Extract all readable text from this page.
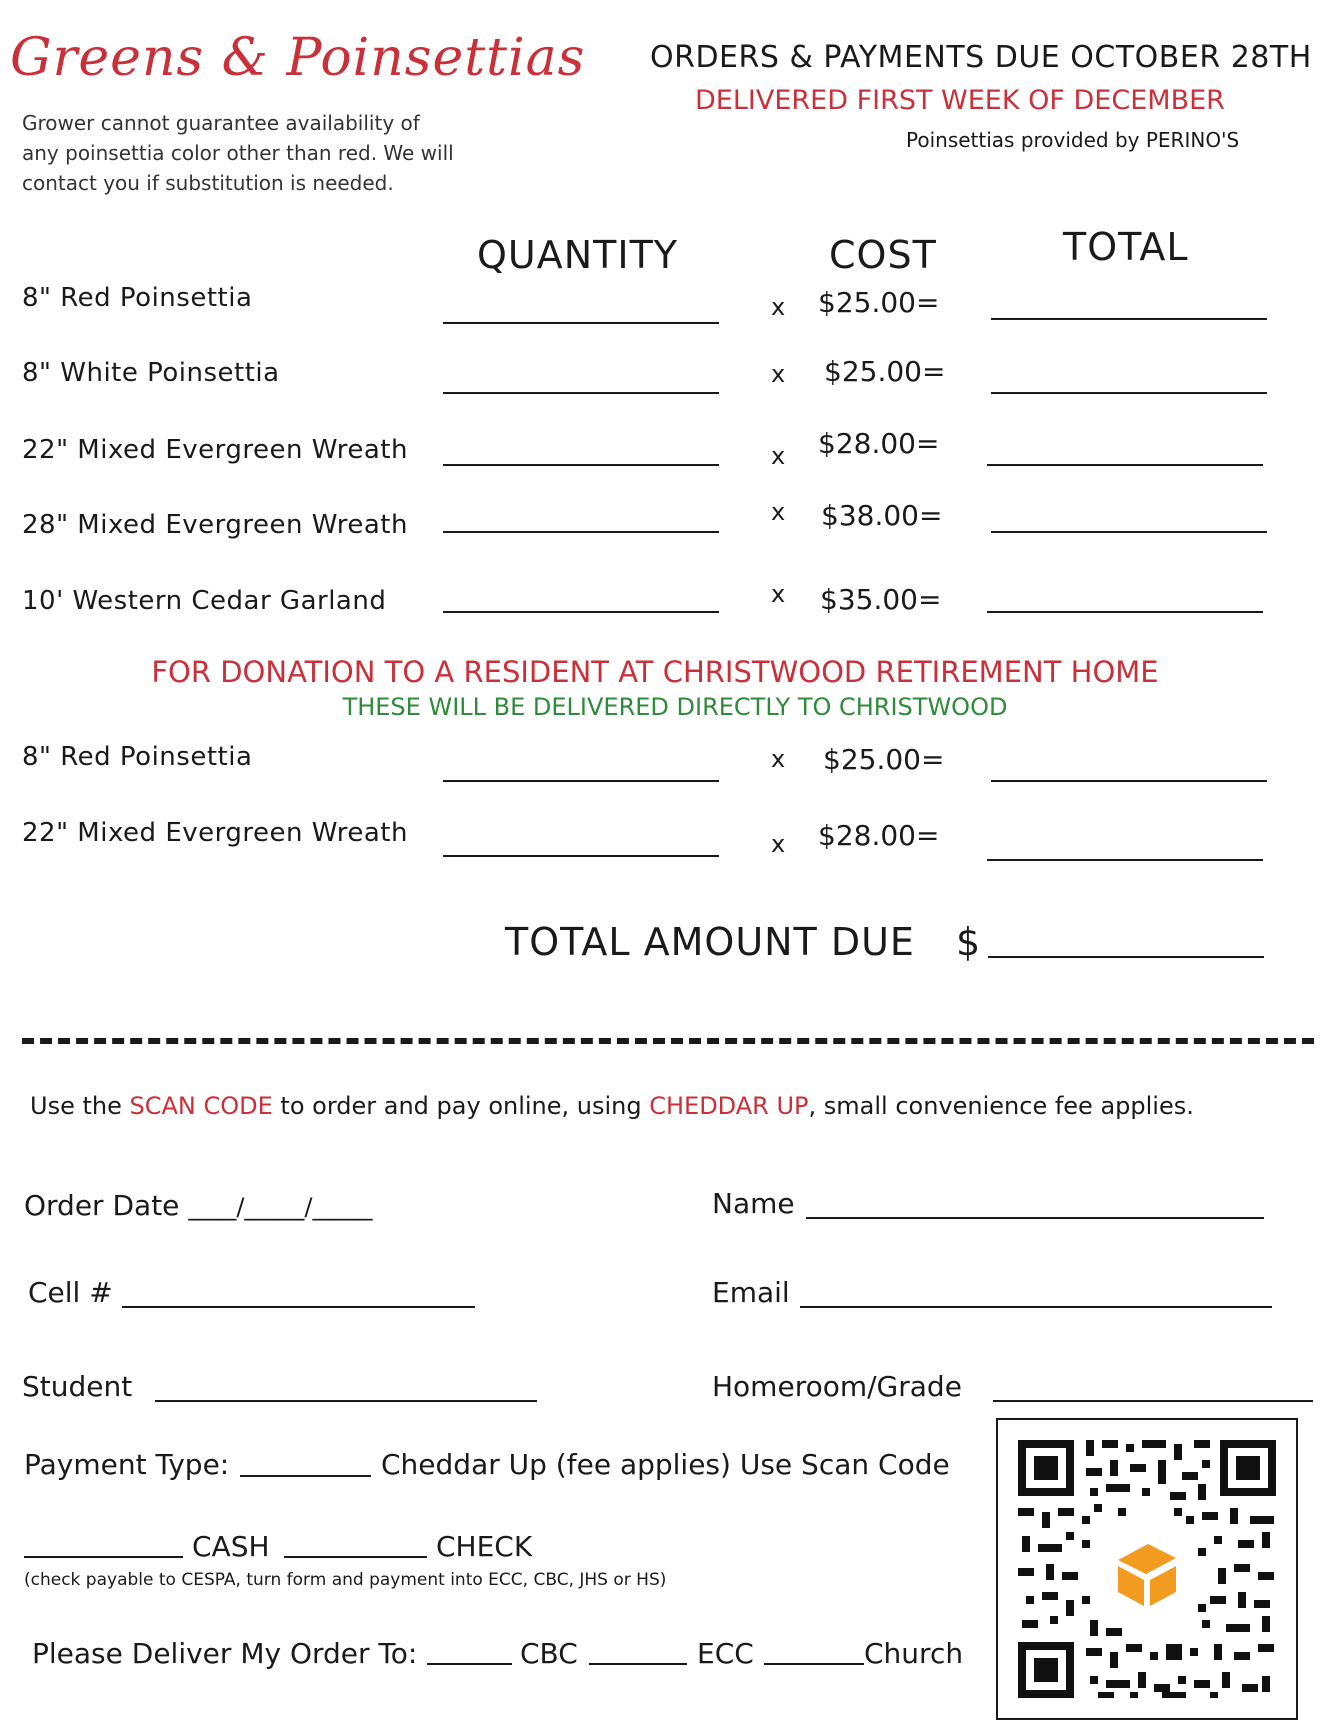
Greens & Poinsettias
Grower cannot guarantee availability of any poinsettia color other than red. We will contact you if substitution is needed.
ORDERS & PAYMENTS DUE OCTOBER 28TH
DELIVERED FIRST WEEK OF DECEMBER
Poinsettias provided by PERINO'S
QUANTITY	COST	TOTAL
8" Red Poinsettia	x $25.00=
8" White Poinsettia	x $25.00=
22" Mixed Evergreen Wreath	x $28.00=
28" Mixed Evergreen Wreath	x $38.00=
10' Western Cedar Garland	x $35.00=
FOR DONATION TO A RESIDENT AT CHRISTWOOD RETIREMENT HOME
THESE WILL BE DELIVERED DIRECTLY TO CHRISTWOOD
8" Red Poinsettia	x $25.00=
22" Mixed Evergreen Wreath	x $28.00=
TOTAL AMOUNT DUE $
Use the SCAN CODE to order and pay online, using CHEDDAR UP, small convenience fee applies.
Order Date ____/_____/_____	Name
Cell #	Email
Student	Homeroom/Grade
Payment Type:	Cheddar Up (fee applies) Use Scan Code
CASH	CHECK
(check payable to CESPA, turn form and payment into ECC, CBC, JHS or HS)
Please Deliver My Order To:	CBC	ECC	Church
